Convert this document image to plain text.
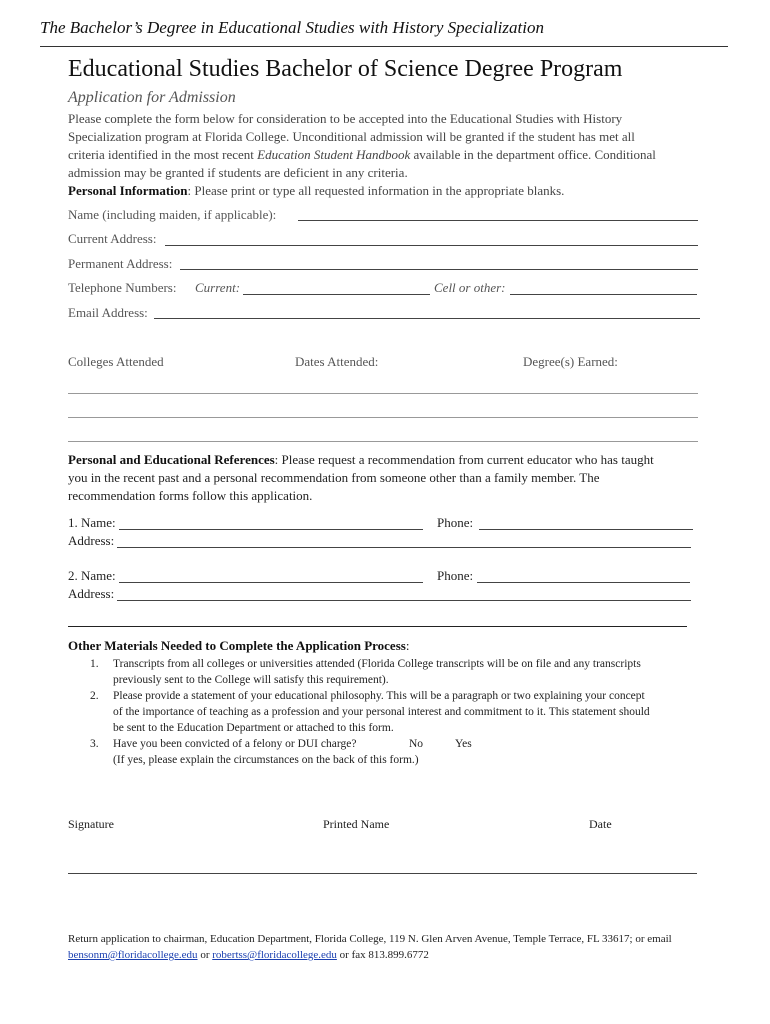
The Bachelor’s Degree in Educational Studies with History Specialization
Educational Studies Bachelor of Science Degree Program
Application for Admission
Please complete the form below for consideration to be accepted into the Educational Studies with History
Specialization program at Florida College. Unconditional admission will be granted if the student has met all
criteria identified in the most recent Education Student Handbook available in the department office. Conditional
admission may be granted if students are deficient in any criteria.
Personal Information: Please print or type all requested information in the appropriate blanks.
Name (including maiden, if applicable):
Current Address:
Permanent Address:
Telephone Numbers: Current:	Cell or other:
Email Address:
Colleges Attended	Dates Attended:	Degree(s) Earned:
Personal and Educational References: Please request a recommendation from current educator who has taught
you in the recent past and a personal recommendation from someone other than a family member. The
recommendation forms follow this application.
1. Name:	Phone:
Address:
2. Name:	Phone:
Address:
Other Materials Needed to Complete the Application Process:
1. Transcripts from all colleges or universities attended (Florida College transcripts will be on file and any transcripts
previously sent to the College will satisfy this requirement).
2. Please provide a statement of your educational philosophy. This will be a paragraph or two explaining your concept
of the importance of teaching as a profession and your personal interest and commitment to it. This statement should
be sent to the Education Department or attached to this form.
3. Have you been convicted of a felony or DUI charge?	No	Yes
(If yes, please explain the circumstances on the back of this form.)
Signature	Printed Name	Date
Return application to chairman, Education Department, Florida College, 119 N. Glen Arven Avenue, Temple Terrace, FL 33617; or email
bensonm@floridacollege.edu or robertss@floridacollege.edu or fax 813.899.6772
